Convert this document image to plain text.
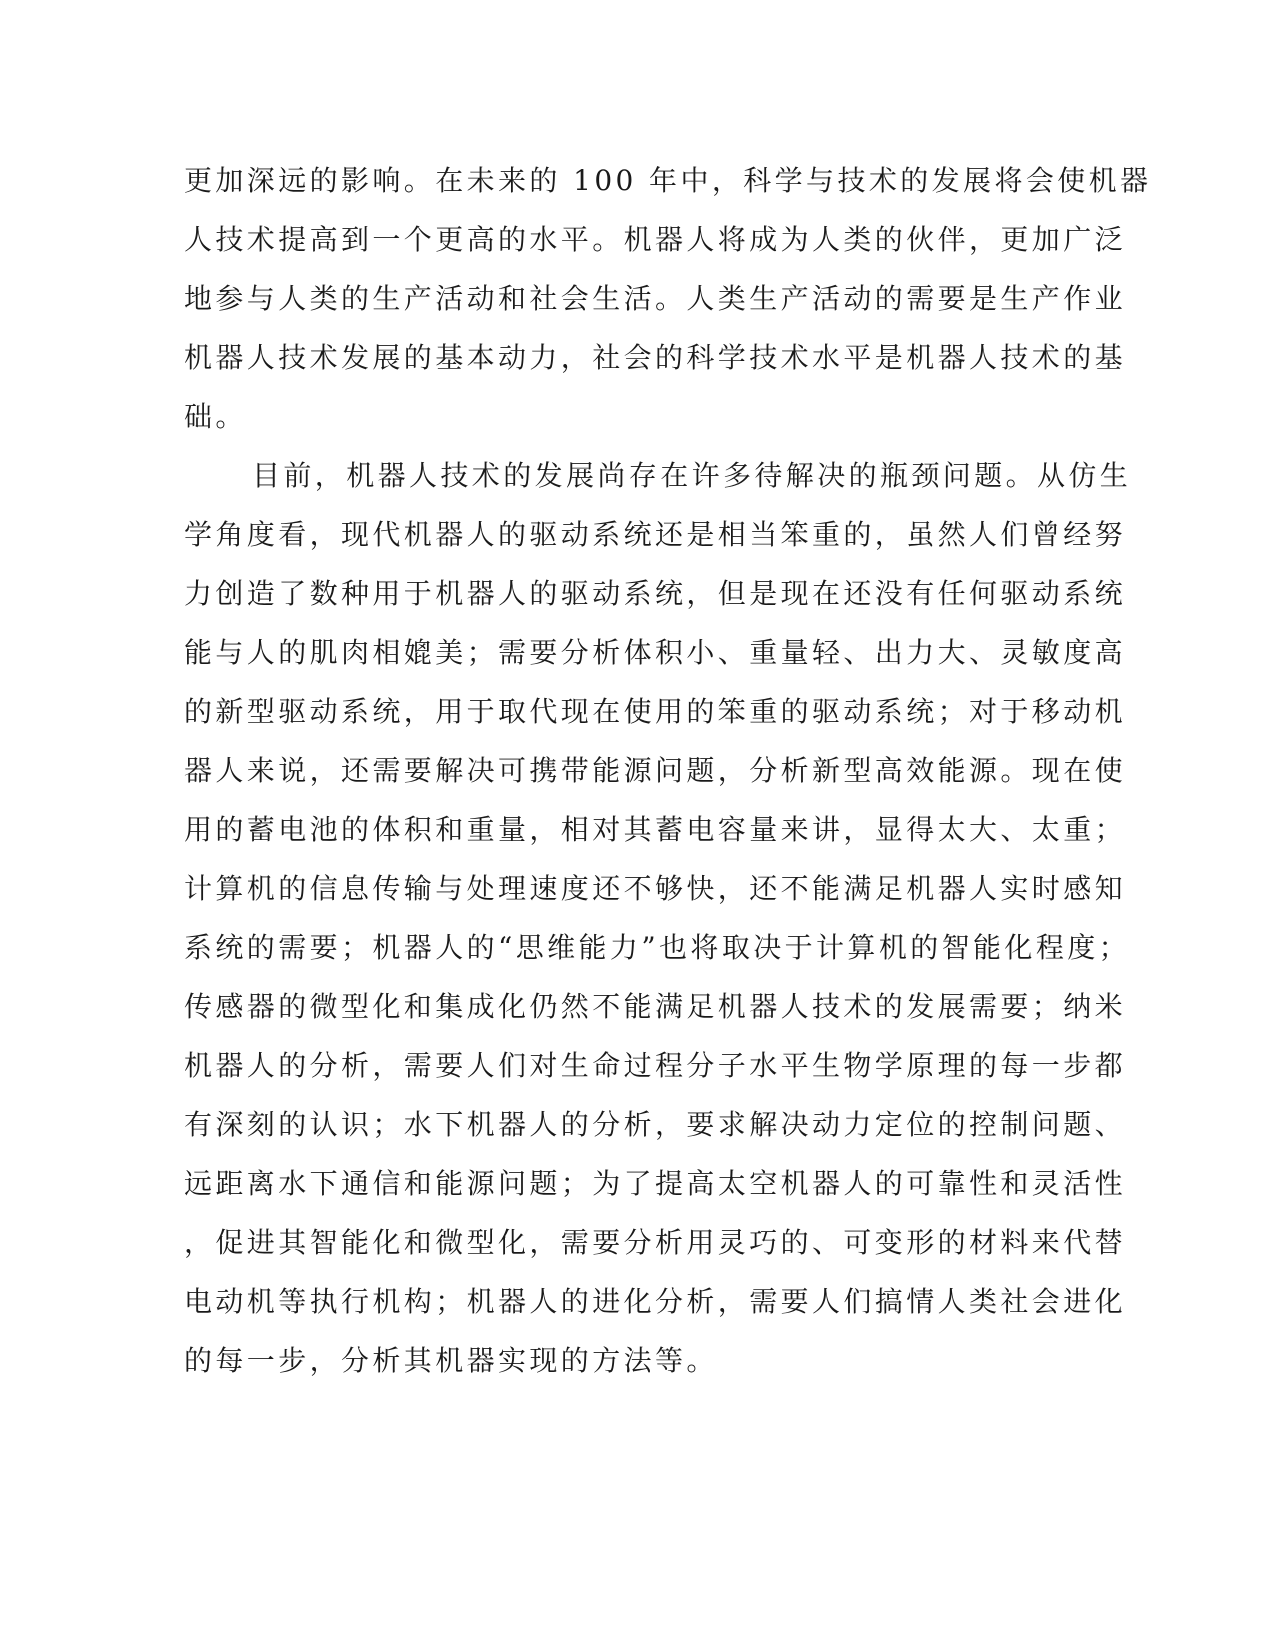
更加深远的影响。在未来的 100 年中，科学与技术的发展将会使机器
人技术提高到一个更高的水平。机器人将成为人类的伙伴，更加广泛
地参与人类的生产活动和社会生活。人类生产活动的需要是生产作业
机器人技术发展的基本动力，社会的科学技术水平是机器人技术的基
础。
目前，机器人技术的发展尚存在许多待解决的瓶颈问题。从仿生
学角度看，现代机器人的驱动系统还是相当笨重的，虽然人们曾经努
力创造了数种用于机器人的驱动系统，但是现在还没有任何驱动系统
能与人的肌肉相媲美；需要分析体积小、重量轻、出力大、灵敏度高
的新型驱动系统，用于取代现在使用的笨重的驱动系统；对于移动机
器人来说，还需要解决可携带能源问题，分析新型高效能源。现在使
用的蓄电池的体积和重量，相对其蓄电容量来讲，显得太大、太重；
计算机的信息传输与处理速度还不够快，还不能满足机器人实时感知
系统的需要；机器人的“思维能力”也将取决于计算机的智能化程度；
传感器的微型化和集成化仍然不能满足机器人技术的发展需要；纳米
机器人的分析，需要人们对生命过程分子水平生物学原理的每一步都
有深刻的认识；水下机器人的分析，要求解决动力定位的控制问题、
远距离水下通信和能源问题；为了提高太空机器人的可靠性和灵活性
，促进其智能化和微型化，需要分析用灵巧的、可变形的材料来代替
电动机等执行机构；机器人的进化分析，需要人们搞情人类社会进化
的每一步，分析其机器实现的方法等。
